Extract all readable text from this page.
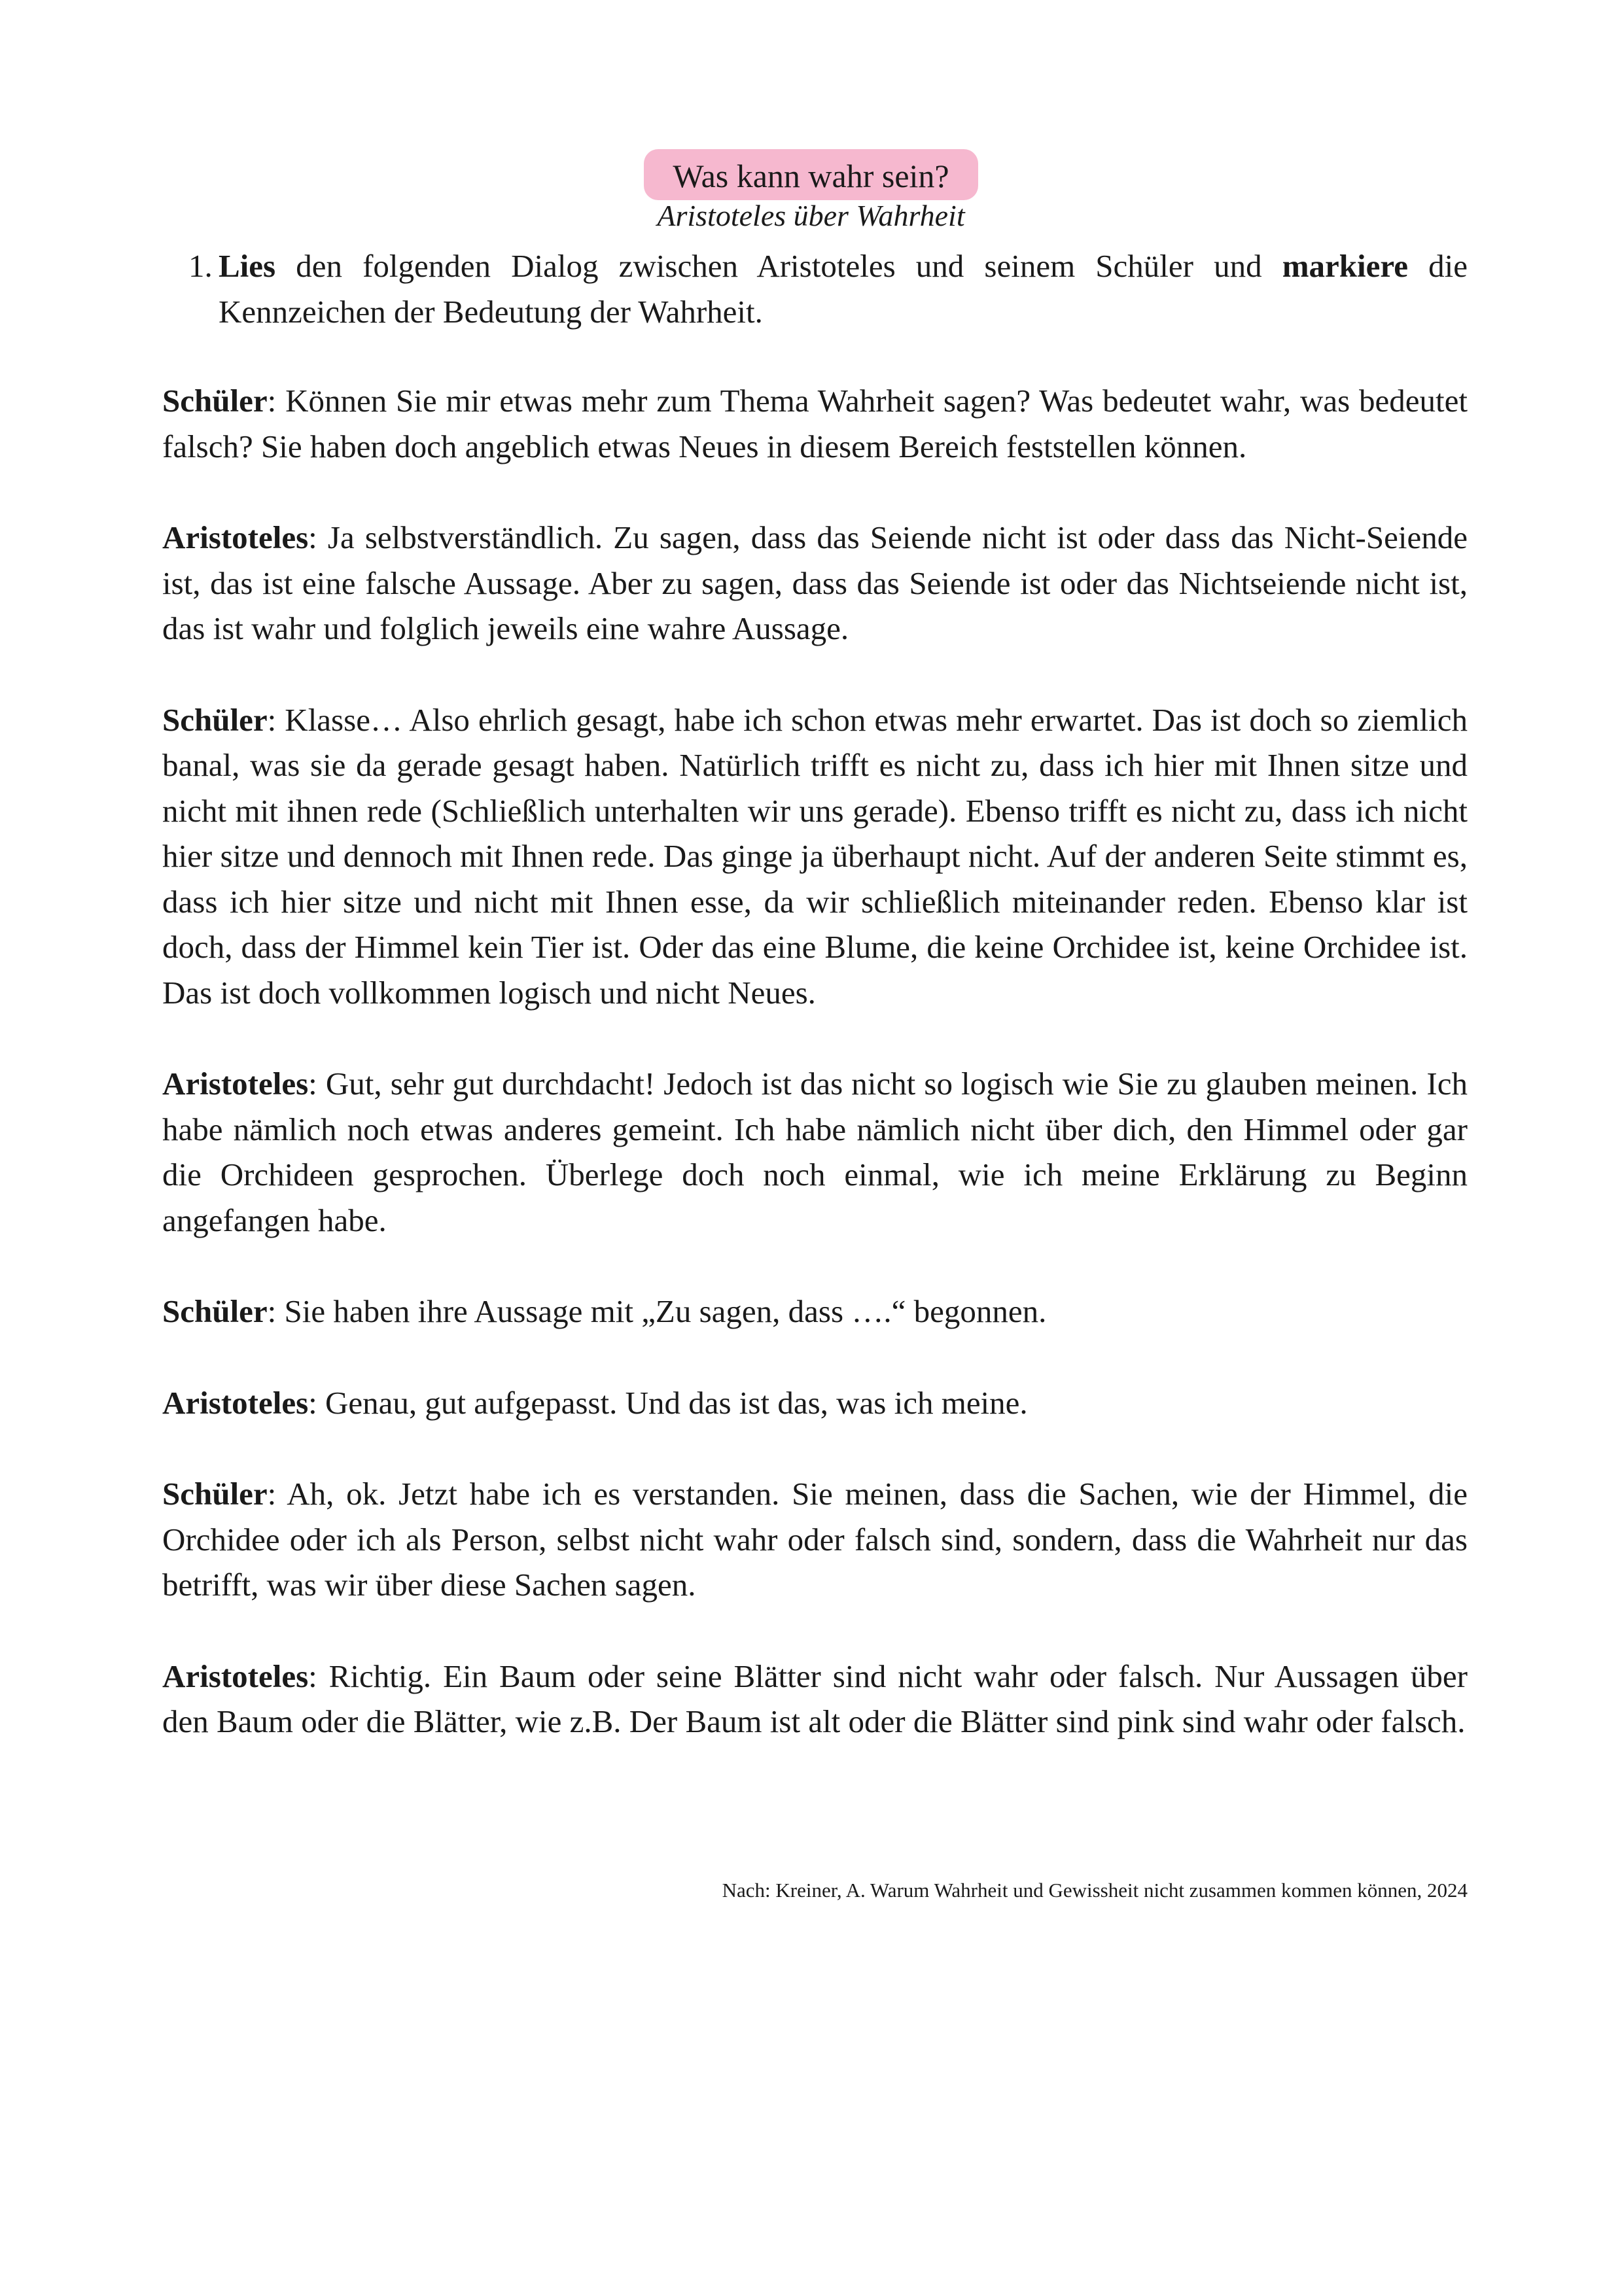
Was kann wahr sein?
Aristoteles über Wahrheit
1. Lies den folgenden Dialog zwischen Aristoteles und seinem Schüler und markiere die Kennzeichen der Bedeutung der Wahrheit.

Schüler: Können Sie mir etwas mehr zum Thema Wahrheit sagen? Was bedeutet wahr, was bedeutet falsch? Sie haben doch angeblich etwas Neues in diesem Bereich feststellen können.

Aristoteles: Ja selbstverständlich. Zu sagen, dass das Seiende nicht ist oder dass das Nicht-Seiende ist, das ist eine falsche Aussage. Aber zu sagen, dass das Seiende ist oder das Nichtseiende nicht ist, das ist wahr und folglich jeweils eine wahre Aussage.

Schüler: Klasse… Also ehrlich gesagt, habe ich schon etwas mehr erwartet. Das ist doch so ziemlich banal, was sie da gerade gesagt haben. Natürlich trifft es nicht zu, dass ich hier mit Ihnen sitze und nicht mit ihnen rede (Schließlich unterhalten wir uns gerade). Ebenso trifft es nicht zu, dass ich nicht hier sitze und dennoch mit Ihnen rede. Das ginge ja überhaupt nicht. Auf der anderen Seite stimmt es, dass ich hier sitze und nicht mit Ihnen esse, da wir schließlich miteinander reden. Ebenso klar ist doch, dass der Himmel kein Tier ist. Oder das eine Blume, die keine Orchidee ist, keine Orchidee ist. Das ist doch vollkommen logisch und nicht Neues.

Aristoteles: Gut, sehr gut durchdacht! Jedoch ist das nicht so logisch wie Sie zu glauben meinen. Ich habe nämlich noch etwas anderes gemeint. Ich habe nämlich nicht über dich, den Himmel oder gar die Orchideen gesprochen. Überlege doch noch einmal, wie ich meine Erklärung zu Beginn angefangen habe.

Schüler: Sie haben ihre Aussage mit „Zu sagen, dass ….“ begonnen.

Aristoteles: Genau, gut aufgepasst. Und das ist das, was ich meine.

Schüler: Ah, ok. Jetzt habe ich es verstanden. Sie meinen, dass die Sachen, wie der Himmel, die Orchidee oder ich als Person, selbst nicht wahr oder falsch sind, sondern, dass die Wahrheit nur das betrifft, was wir über diese Sachen sagen.

Aristoteles: Richtig. Ein Baum oder seine Blätter sind nicht wahr oder falsch. Nur Aussagen über den Baum oder die Blätter, wie z.B. Der Baum ist alt oder die Blätter sind pink sind wahr oder falsch.

Nach: Kreiner, A. Warum Wahrheit und Gewissheit nicht zusammen kommen können, 2024
